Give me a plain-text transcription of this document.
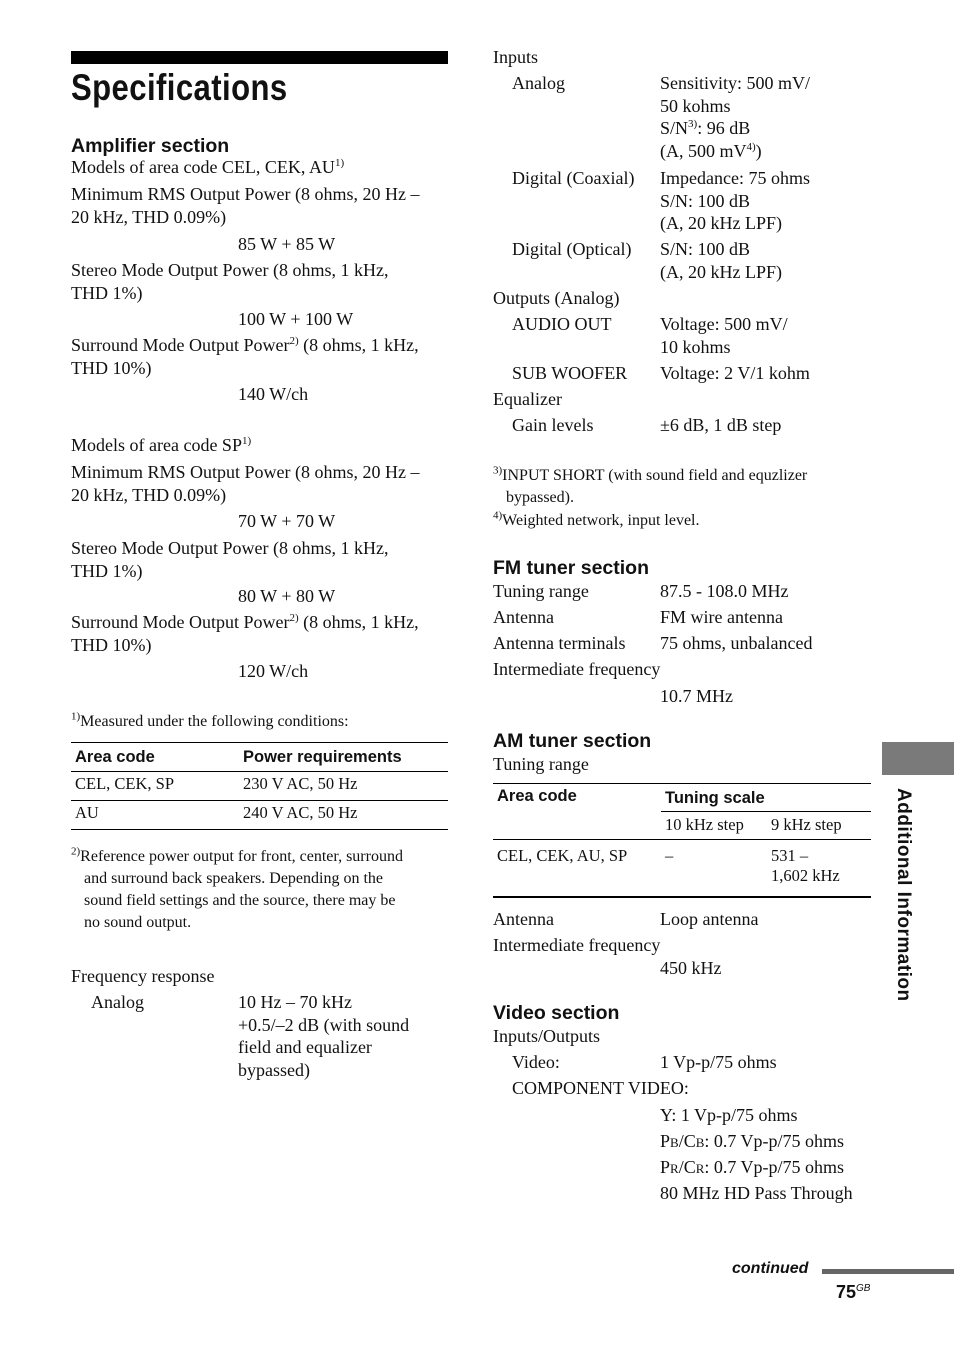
Specifications
Amplifier section
Models of area code CEL, CEK, AU$^{1)}$
Minimum RMS Output Power (8 ohms, 20 Hz –
20 kHz, THD 0.09%)
85 W + 85 W
Stereo Mode Output Power (8 ohms, 1 kHz,
THD 1%)
100 W + 100 W
Surround Mode Output Power$^{2)}$ (8 ohms, 1 kHz,
THD 10%)
140 W/ch
Models of area code SP$^{1)}$
Minimum RMS Output Power (8 ohms, 20 Hz –
20 kHz, THD 0.09%)
70 W + 70 W
Stereo Mode Output Power (8 ohms, 1 kHz,
THD 1%)
80 W + 80 W
Surround Mode Output Power$^{2)}$ (8 ohms, 1 kHz,
THD 10%)
120 W/ch
$^{1)}$Measured under the following conditions:
Area code	Power requirements
CEL, CEK, SP	230 V AC, 50 Hz
AU	240 V AC, 50 Hz
$^{2)}$Reference power output for front, center, surround
and surround back speakers. Depending on the
sound field settings and the source, there may be
no sound output.
Frequency response
Analog	10 Hz – 70 kHz
+0.5/–2 dB (with sound
field and equalizer
bypassed)
Inputs
Analog	Sensitivity: 500 mV/
50 kohms
$S/N^{3)}$: 96 dB
(A, 500 $mV^{4)}$)
Digital (Coaxial) Impedance: 75 ohms
S/N: 100 dB
(A, 20 kHz LPF)
Digital (Optical) S/N: 100 dB
(A, 20 kHz LPF)
Outputs (Analog)
AUDIO OUT	Voltage: 500 mV/
10 kohms
SUB WOOFER Voltage: 2 V/1 kohm
Equalizer
Gain levels	±6 dB, 1 dB step
$^{3)}$INPUT SHORT (with sound field and equzlizer
bypassed).
$^{4)}$Weighted network, input level.
FM tuner section
Tuning range	87.5 - 108.0 MHz
Antenna	FM wire antenna
Antenna terminals 75 ohms, unbalanced
Intermediate frequency
10.7 MHz
AM tuner section
Tuning range
Area code	Tuning scale	
	10 kHz step	9 kHz step
CEL, CEK, AU, SP	–	531 –
1,602 kHz
Antenna	Loop antenna
Intermediate frequency
450 kHz
Video section
Inputs/Outputs
Video:	1 Vp-p/75 ohms
COMPONENT VIDEO:
Y: 1 Vp-p/75 ohms
PB/CB: 0.7 Vp-p/75 ohms
PR/CR: 0.7 Vp-p/75 ohms
80 MHz HD Pass Through
Additional Information
continued
$75^{GB}$
